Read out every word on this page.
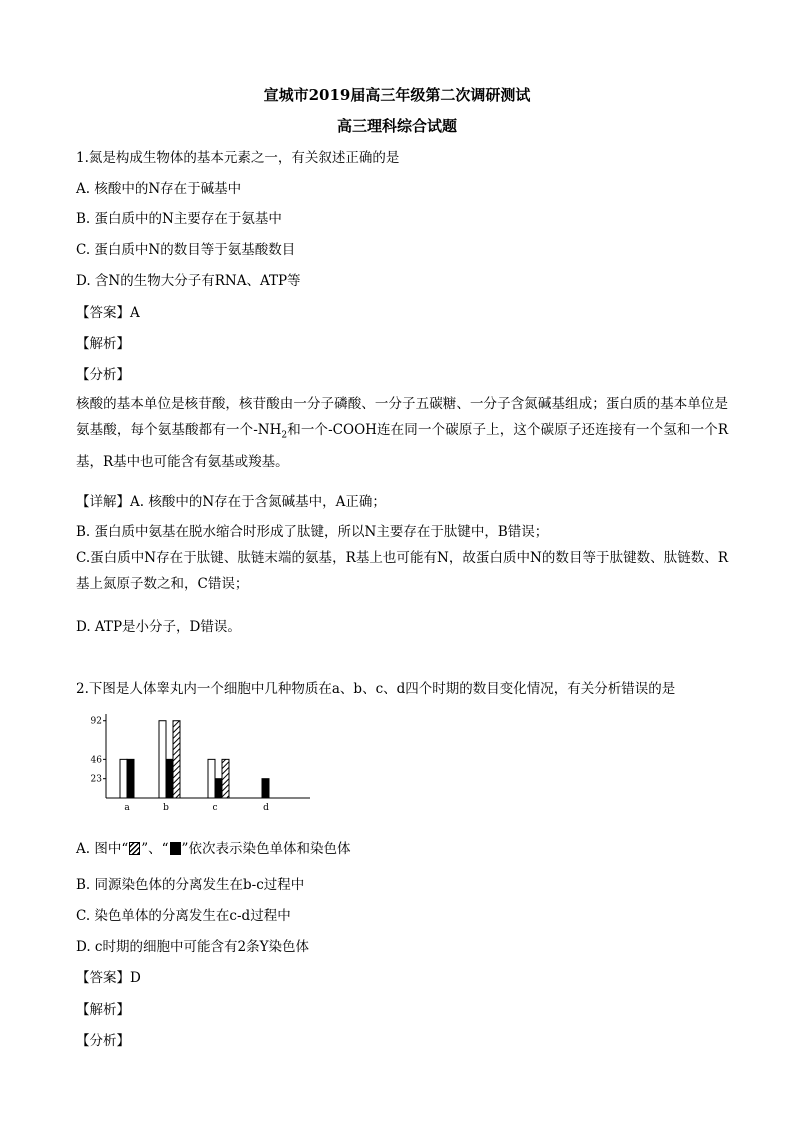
宣城市2019届高三年级第二次调研测试
高三理科综合试题
1.氮是构成生物体的基本元素之一，有关叙述正确的是
A. 核酸中的N存在于碱基中
B. 蛋白质中的N主要存在于氨基中
C. 蛋白质中N的数目等于氨基酸数目
D. 含N的生物大分子有RNA、ATP等
【答案】A
【解析】
【分析】
核酸的基本单位是核苷酸，核苷酸由一分子磷酸、一分子五碳糖、一分子含氮碱基组成；蛋白质的基本单位是氨基酸，每个氨基酸都有一个$-NH_2$和一个-COOH连在同一个碳原子上，这个碳原子还连接有一个氢和一个R基，R基中也可能含有氨基或羧基。
【详解】A. 核酸中的N存在于含氮碱基中，A正确；
B. 蛋白质中氨基在脱水缩合时形成了肽键，所以N主要存在于肽键中，B错误；
C.蛋白质中N存在于肽键、肽链末端的氨基，R基上也可能有N，故蛋白质中N的数目等于肽键数、肽链数、R基上氮原子数之和，C错误；
D. ATP是小分子，D错误。
2.下图是人体睾丸内一个细胞中几种物质在a、b、c、d四个时期的数目变化情况，有关分析错误的是
23
46
92
a	b	c	d
A. 图中“ ”、“ ”依次表示染色单体和染色体
B. 同源染色体的分离发生在b-c过程中
C. 染色单体的分离发生在c-d过程中
D. c时期的细胞中可能含有2条Y染色体
【答案】D
【解析】
【分析】
